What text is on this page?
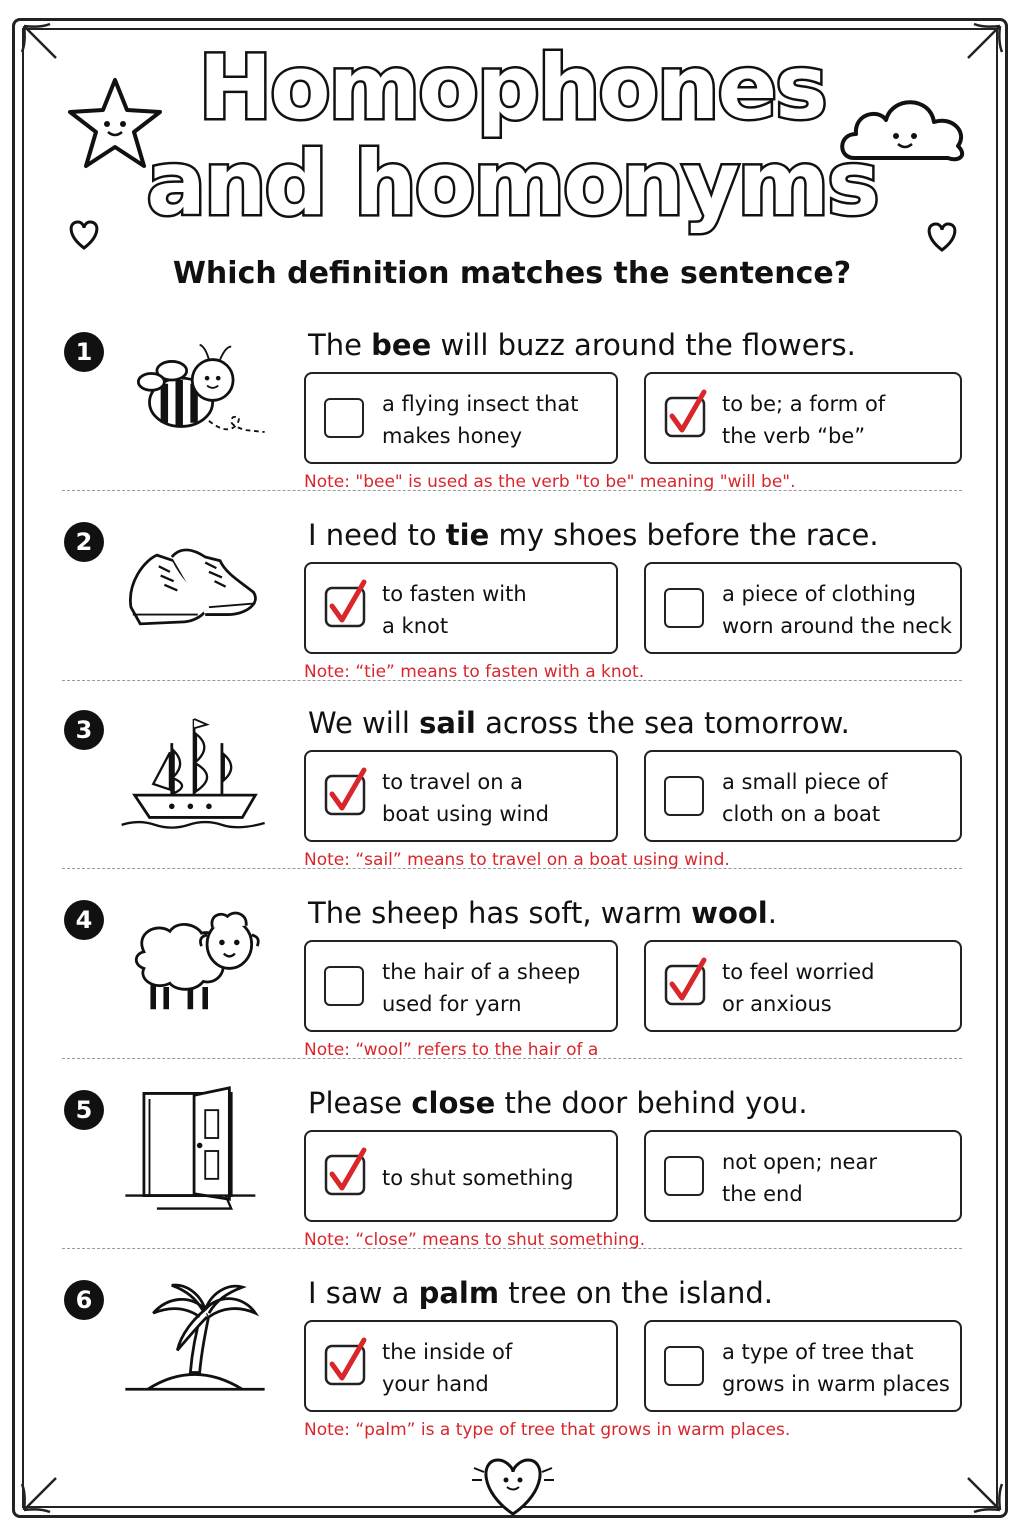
Homophones
and homonyms
Which definition matches the sentence?
1	The bee will buzz around the flowers.
a flying insect that
makes honey
to be; a form of
the verb “be”
Note: "bee" is used as the verb "to be" meaning "will be".
2	I need to tie my shoes before the race.
to fasten with
a knot
a piece of clothing
worn around the neck
Note: “tie” means to fasten with a knot.
3	We will sail across the sea tomorrow.
to travel on a
boat using wind
a small piece of
cloth on a boat
Note: “sail” means to travel on a boat using wind.
4	The sheep has soft, warm wool.
the hair of a sheep
used for yarn
to feel worried
or anxious
Note: “wool” refers to the hair of a
5	Please close the door behind you.
to shut something
not open; near
the end
Note: “close” means to shut something.
6	I saw a palm tree on the island.
the inside of
your hand
a type of tree that
grows in warm places
Note: “palm” is a type of tree that grows in warm places.
